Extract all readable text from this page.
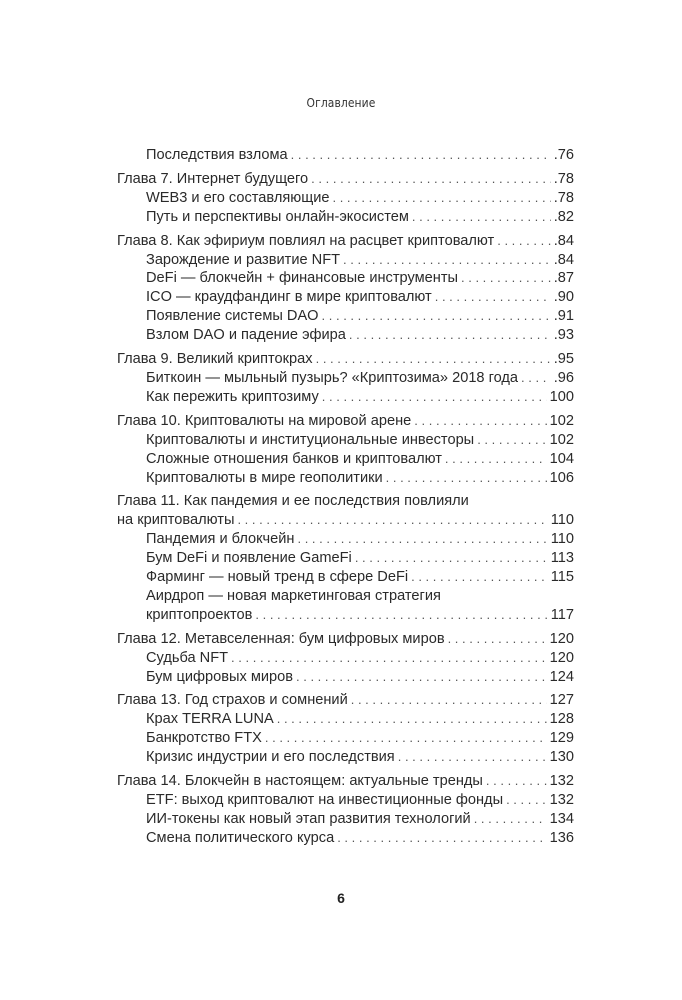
Оглавление
Последствия взлома . . .	.76
Глава 7. Интернет будущего . . .	.78
WEB3 и его составляющие . . .	.78
Путь и перспективы онлайн-экосистем . . .	.82
Глава 8. Как эфириум повлиял на расцвет криптовалют . . .	.84
Зарождение и развитие NFT . . .	.84
DeFi — блокчейн + финансовые инструменты . . .	.87
ICO — краудфандинг в мире криптовалют . . .	.90
Появление системы DAO . . .	.91
Взлом DAO и падение эфира . . .	.93
Глава 9. Великий криптокрах . . .	.95
Биткоин — мыльный пузырь? «Криптозима» 2018 года . . . .96
Как пережить криптозиму . . .	100
Глава 10. Криптовалюты на мировой арене . . .	102
Криптовалюты и институциональные инвесторы . . .	102
Сложные отношения банков и криптовалют . . .	104
Криптовалюты в мире геополитики . . .	106
Глава 11. Как пандемия и ее последствия повлияли
на криптовалюты . . .	110
Пандемия и блокчейн . . .	110
Бум DeFi и появление GameFi . . .	113
Фарминг — новый тренд в сфере DeFi . . .	115
Аирдроп — новая маркетинговая стратегия
криптопроектов . . .	117
Глава 12. Метавселенная: бум цифровых миров . . .	120
Судьба NFT . . .	120
Бум цифровых миров . . .	124
Глава 13. Год страхов и сомнений . . .	127
Крах TERRA LUNA . . .	128
Банкротство FTX . . .	129
Кризис индустрии и его последствия . . .	130
Глава 14. Блокчейн в настоящем: актуальные тренды . . .	132
ETF: выход криптовалют на инвестиционные фонды . . .	132
ИИ-токены как новый этап развития технологий . . .	134
Смена политического курса . . .	136
6
